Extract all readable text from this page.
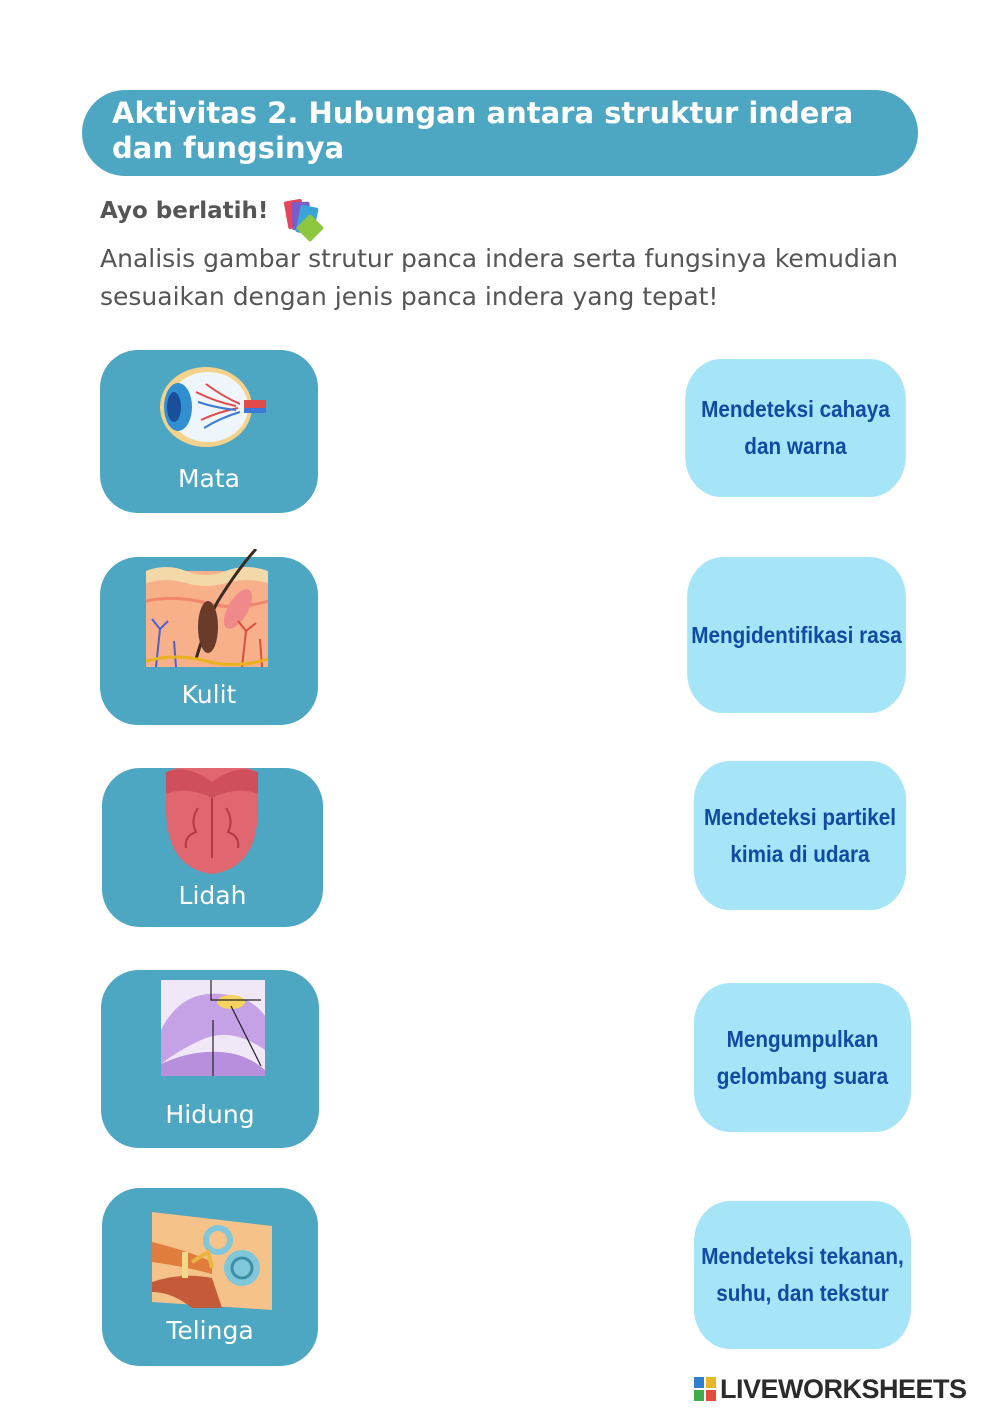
Aktivitas 2. Hubungan antara struktur indera dan fungsinya
Ayo berlatih!
Analisis gambar strutur panca indera serta fungsinya kemudian sesuaikan dengan jenis panca indera yang tepat!
Mata
Kulit
Lidah
Hidung
Telinga
Mendeteksi cahaya dan warna
Mengidentifikasi rasa
Mendeteksi partikel kimia di udara
Mengumpulkan gelombang suara
Mendeteksi tekanan, suhu, dan tekstur
LIVEWORKSHEETS
